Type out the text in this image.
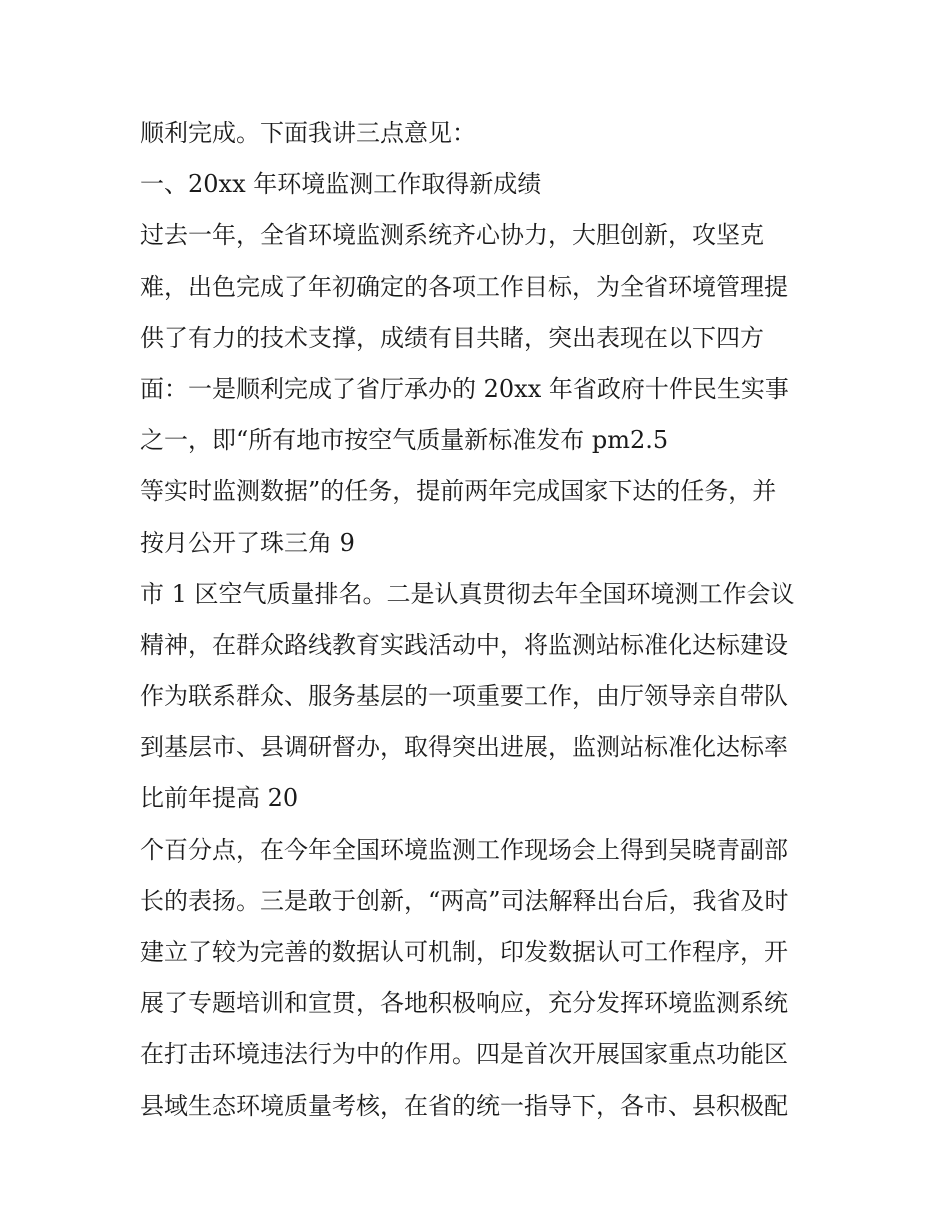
顺利完成。下面我讲三点意见：
一、20xx 年环境监测工作取得新成绩
过去一年，全省环境监测系统齐心协力，大胆创新，攻坚克
难，出色完成了年初确定的各项工作目标，为全省环境管理提
供了有力的技术支撑，成绩有目共睹，突出表现在以下四方
面：一是顺利完成了省厅承办的 20xx 年省政府十件民生实事
之一，即“所有地市按空气质量新标准发布 pm2.5
等实时监测数据”的任务，提前两年完成国家下达的任务，并
按月公开了珠三角 9
市 1 区空气质量排名。二是认真贯彻去年全国环境测工作会议
精神，在群众路线教育实践活动中，将监测站标准化达标建设
作为联系群众、服务基层的一项重要工作，由厅领导亲自带队
到基层市、县调研督办，取得突出进展，监测站标准化达标率
比前年提高 20
个百分点，在今年全国环境监测工作现场会上得到吴晓青副部
长的表扬。三是敢于创新，“两高”司法解释出台后，我省及时
建立了较为完善的数据认可机制，印发数据认可工作程序，开
展了专题培训和宣贯，各地积极响应，充分发挥环境监测系统
在打击环境违法行为中的作用。四是首次开展国家重点功能区
县域生态环境质量考核，在省的统一指导下，各市、县积极配
